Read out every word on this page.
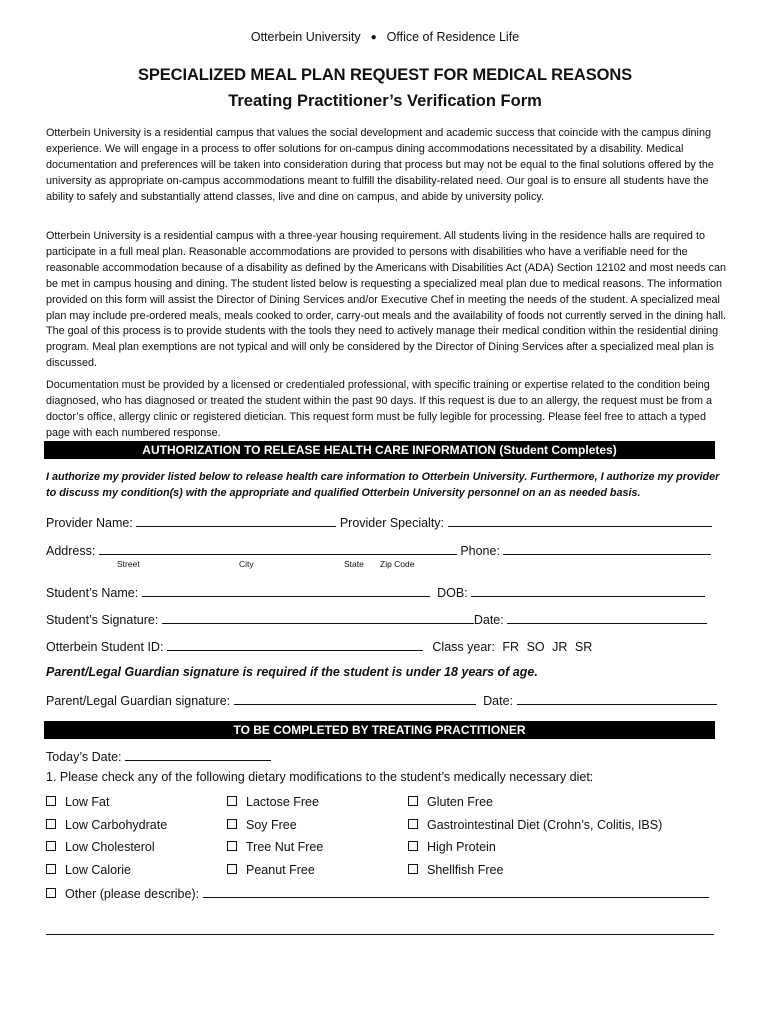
Otterbein University ● Office of Residence Life
SPECIALIZED MEAL PLAN REQUEST FOR MEDICAL REASONS
Treating Practitioner’s Verification Form

Otterbein University is a residential campus that values the social development and academic success that coincide with the campus dining experience. We will engage in a process to offer solutions for on-campus dining accommodations necessitated by a disability. Medical documentation and preferences will be taken into consideration during that process but may not be equal to the final solutions offered by the university as appropriate on-campus accommodations meant to fulfill the disability-related need. Our goal is to ensure all students have the ability to safely and substantially attend classes, live and dine on campus, and abide by university policy.

Otterbein University is a residential campus with a three-year housing requirement. All students living in the residence halls are required to participate in a full meal plan. Reasonable accommodations are provided to persons with disabilities who have a verifiable need for the reasonable accommodation because of a disability as defined by the Americans with Disabilities Act (ADA) Section 12102 and most needs can be met in campus housing and dining. The student listed below is requesting a specialized meal plan due to medical reasons. The information provided on this form will assist the Director of Dining Services and/or Executive Chef in meeting the needs of the student. A specialized meal plan may include pre-ordered meals, meals cooked to order, carry-out meals and the availability of foods not currently served in the dining hall. The goal of this process is to provide students with the tools they need to actively manage their medical condition within the residential dining program. Meal plan exemptions are not typical and will only be considered by the Director of Dining Services after a specialized meal plan is discussed.

Documentation must be provided by a licensed or credentialed professional, with specific training or expertise related to the condition being diagnosed, who has diagnosed or treated the student within the past 90 days. If this request is due to an allergy, the request must be from a doctor’s office, allergy clinic or registered dietician. This request form must be fully legible for processing. Please feel free to attach a typed page with each numbered response.

AUTHORIZATION TO RELEASE HEALTH CARE INFORMATION (Student Completes)
I authorize my provider listed below to release health care information to Otterbein University. Furthermore, I authorize my provider to discuss my condition(s) with the appropriate and qualified Otterbein University personnel on an as needed basis.
Provider Name:	Provider Specialty:
Address:	Phone:
Street	City	State Zip Code
Student’s Name:	DOB:
Student’s Signature:	Date:
Otterbein Student ID:	Class year: FR SO JR SR
Parent/Legal Guardian signature is required if the student is under 18 years of age.
Parent/Legal Guardian signature:	Date:
TO BE COMPLETED BY TREATING PRACTITIONER
Today’s Date:
1. Please check any of the following dietary modifications to the student’s medically necessary diet:
Low Fat
Low Carbohydrate
Low Cholesterol
Low Calorie
Lactose Free
Soy Free
Tree Nut Free
Peanut Free
Gluten Free
Gastrointestinal Diet (Crohn’s, Colitis, IBS)
High Protein
Shellfish Free
Other (please describe):
